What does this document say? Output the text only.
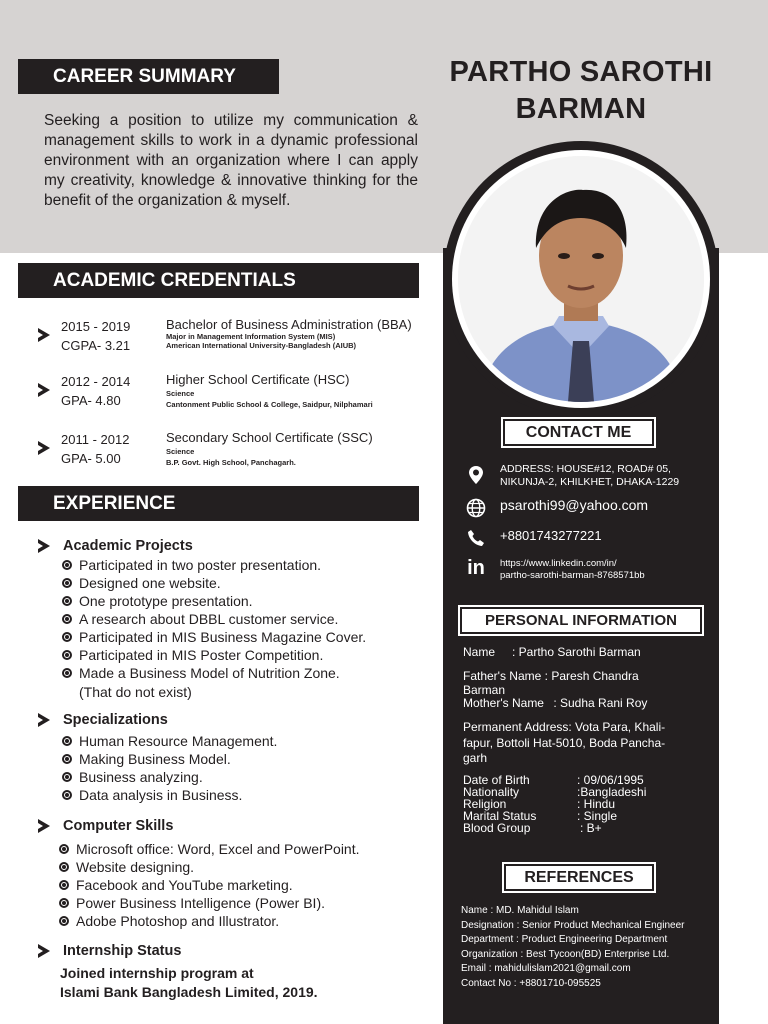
PARTHO SAROTHI
BARMAN
CAREER SUMMARY
Seeking a position to utilize my communication & management skills to work in a dynamic professional environment with an organization where I can apply my creativity, knowledge & innovative thinking for the benefit of the organization & myself.
ACADEMIC CREDENTIALS
2015 - 2019
CGPA- 3.21
Bachelor of Business Administration (BBA)
Major in Management Information System (MIS)
American International University-Bangladesh (AIUB)
2012 - 2014
GPA- 4.80
Higher School Certificate (HSC)
Science
Cantonment Public School & College, Saidpur, Nilphamari
2011 - 2012
GPA- 5.00
Secondary School Certificate (SSC)
Science
B.P. Govt. High School, Panchagarh.
EXPERIENCE
Academic Projects
Participated in two poster presentation.
Designed one website.
One prototype presentation.
A research about DBBL customer service.
Participated in MIS Business Magazine Cover.
Participated in MIS Poster Competition.
Made a Business Model of Nutrition Zone.
(That do not exist)
Specializations
Human Resource Management.
Making Business Model.
Business analyzing.
Data analysis in Business.
Computer Skills
Microsoft office: Word, Excel and PowerPoint.
Website designing.
Facebook and YouTube marketing.
Power Business Intelligence (Power BI).
Adobe Photoshop and Illustrator.
Internship Status
Joined internship program at
Islami Bank Bangladesh Limited, 2019.
CONTACT ME
ADDRESS: HOUSE#12, ROAD# 05,
NIKUNJA-2, KHILKHET, DHAKA-1229
psarothi99@yahoo.com
+8801743277221
in https://www.linkedin.com/in/
partho-sarothi-barman-8768571bb
PERSONAL INFORMATION
Name : Partho Sarothi Barman
Father's Name : Paresh Chandra
Barman
Mother's Name : Sudha Rani Roy
Permanent Address: Vota Para, Khali-
fapur, Bottoli Hat-5010, Boda Pancha-
garh
Date of Birth	: 09/06/1995
Nationality	:Bangladeshi
Religion	: Hindu
Marital Status	: Single
Blood Group	: B+
REFERENCES
Name : MD. Mahidul Islam
Designation : Senior Product Mechanical Engineer
Department : Product Engineering Department
Organization : Best Tycoon(BD) Enterprise Ltd.
Email : mahidulislam2021@gmail.com
Contact No : +8801710-095525
